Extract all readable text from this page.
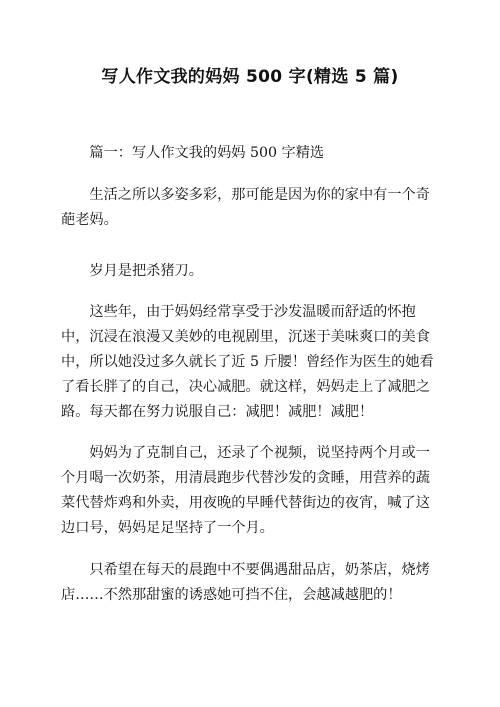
写人作文我的妈妈 500 字(精选 5 篇)

篇一：写人作文我的妈妈 500 字精选

生活之所以多姿多彩，那可能是因为你的家中有一个奇葩老妈。

岁月是把杀猪刀。

这些年，由于妈妈经常享受于沙发温暖而舒适的怀抱中，沉浸在浪漫又美妙的电视剧里，沉迷于美味爽口的美食中，所以她没过多久就长了近 5 斤腰！曾经作为医生的她看了看长胖了的自己，决心减肥。就这样，妈妈走上了减肥之路。每天都在努力说服自己：减肥！减肥！减肥！

妈妈为了克制自己，还录了个视频，说坚持两个月或一个月喝一次奶茶，用清晨跑步代替沙发的贪睡，用营养的蔬菜代替炸鸡和外卖，用夜晚的早睡代替街边的夜宵，喊了这边口号，妈妈足足坚持了一个月。

只希望在每天的晨跑中不要偶遇甜品店，奶茶店，烧烤店……不然那甜蜜的诱惑她可挡不住，会越减越肥的！
